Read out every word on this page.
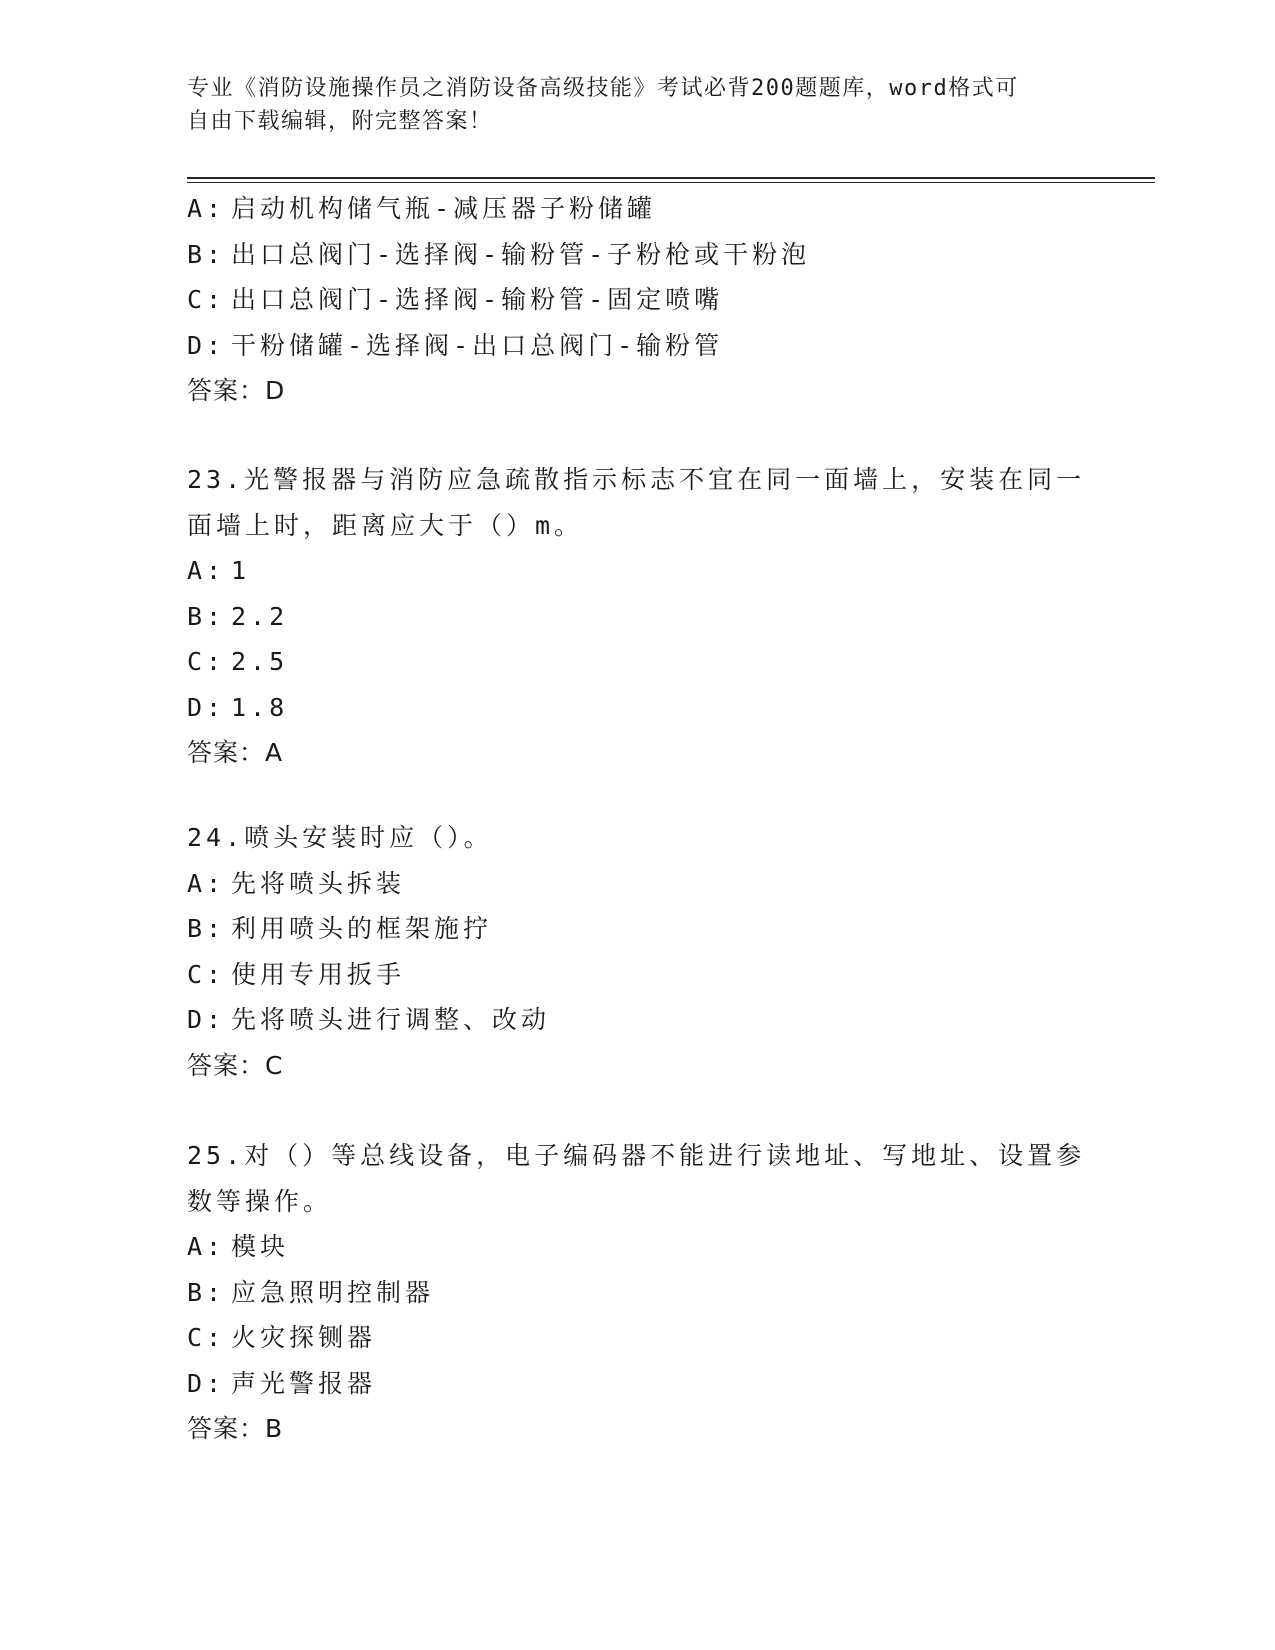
专业《消防设施操作员之消防设备高级技能》考试必背200题题库，word格式可
自由下载编辑，附完整答案！
A: 启动机构储气瓶-减压器子粉储罐
B: 出口总阀门-选择阀-输粉管-子粉枪或干粉泡
C: 出口总阀门-选择阀-输粉管-固定喷嘴
D: 干粉储罐-选择阀-出口总阀门-输粉管
答案：D
23.光警报器与消防应急疏散指示标志不宜在同一面墙上，安装在同一
面墙上时，距离应大于（）m。
A: 1
B: 2.2
C: 2.5
D: 1.8
答案：A
24.喷头安装时应（）。
A: 先将喷头拆装
B: 利用喷头的框架施拧
C: 使用专用扳手
D: 先将喷头进行调整、改动
答案：C
25.对（）等总线设备，电子编码器不能进行读地址、写地址、设置参
数等操作。
A: 模块
B: 应急照明控制器
C: 火灾探铡器
D: 声光警报器
答案：B
